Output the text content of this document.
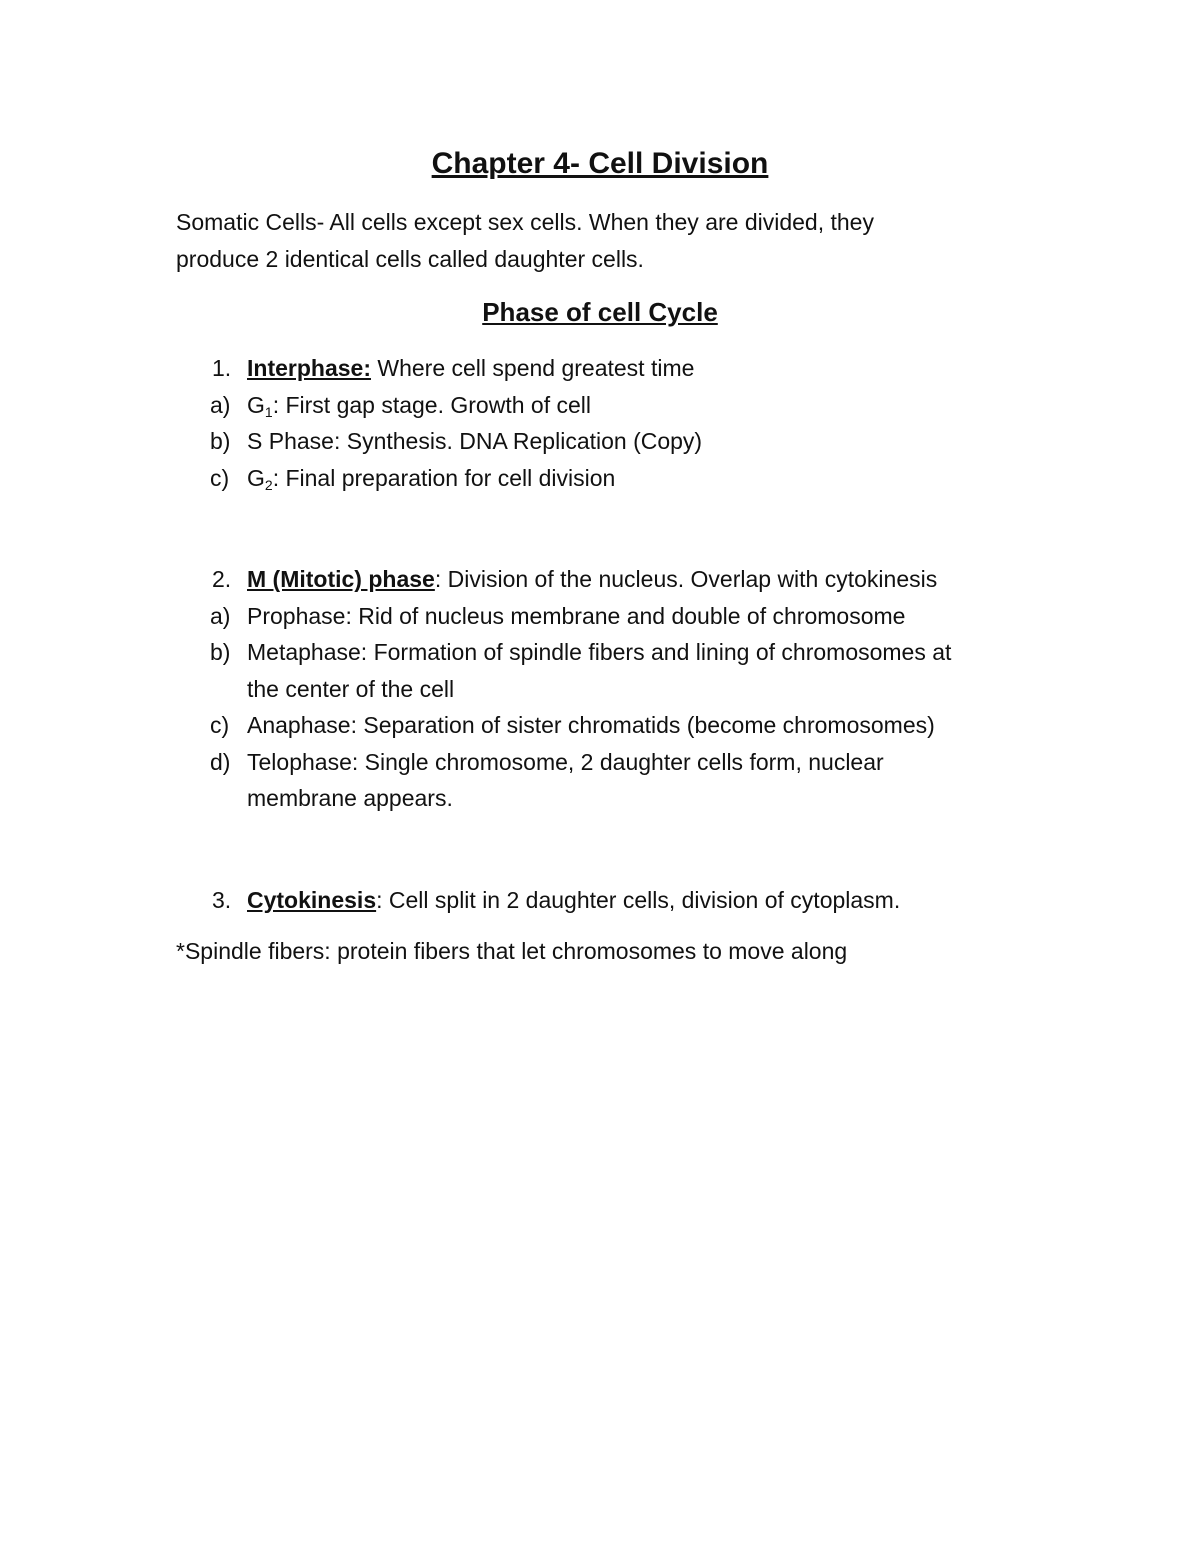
Chapter 4- Cell Division
Somatic Cells- All cells except sex cells. When they are divided, they
produce 2 identical cells called daughter cells.
Phase of cell Cycle
1. Interphase: Where cell spend greatest time
a) $G_1$: First gap stage. Growth of cell
b) S Phase: Synthesis. DNA Replication (Copy)
c) $G_2$: Final preparation for cell division
2. M (Mitotic) phase: Division of the nucleus. Overlap with cytokinesis
a) Prophase: Rid of nucleus membrane and double of chromosome
b) Metaphase: Formation of spindle fibers and lining of chromosomes at
the center of the cell
c) Anaphase: Separation of sister chromatids (become chromosomes)
d) Telophase: Single chromosome, 2 daughter cells form, nuclear
membrane appears.
3. Cytokinesis: Cell split in 2 daughter cells, division of cytoplasm.
*Spindle fibers: protein fibers that let chromosomes to move along
